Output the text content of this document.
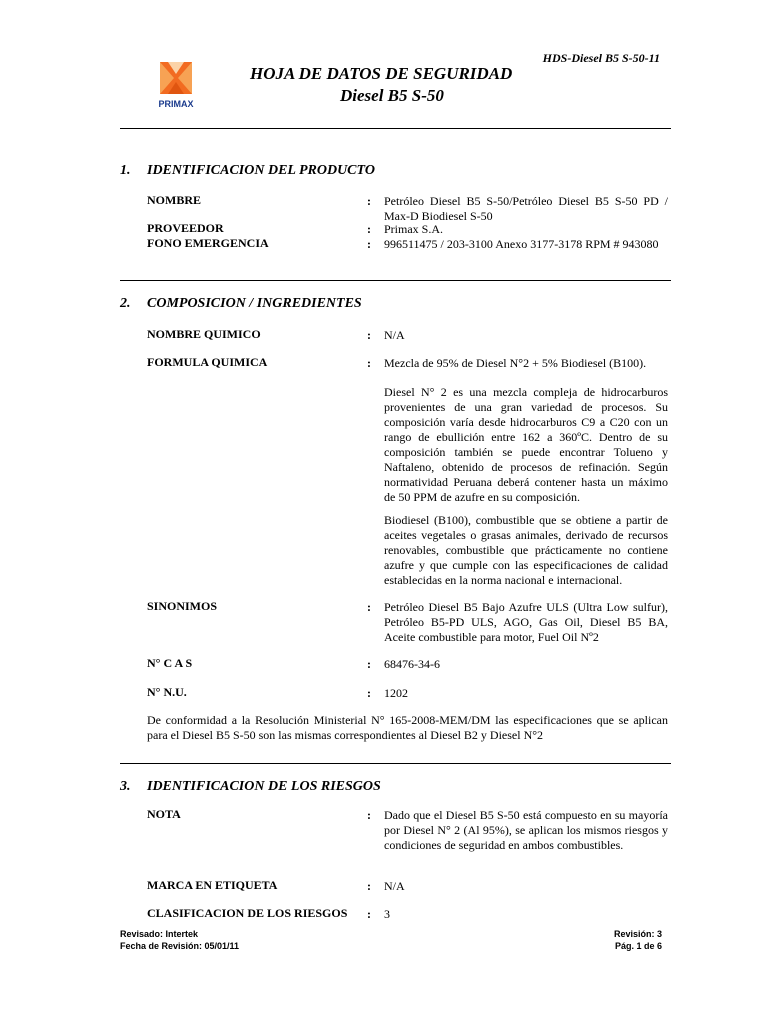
HDS-Diesel B5 S-50-11
PRIMAX
HOJA DE DATOS DE SEGURIDAD
Diesel B5 S-50
1. IDENTIFICACION DEL PRODUCTO
NOMBRE	: Petróleo Diesel B5 S-50/Petróleo Diesel B5 S-50 PD / Max-D Biodiesel S-50
PROVEEDOR	: Primax S.A.
FONO EMERGENCIA	: 996511475 / 203-3100 Anexo 3177-3178 RPM # 943080
2. COMPOSICION / INGREDIENTES
NOMBRE QUIMICO	: N/A
FORMULA QUIMICA	: Mezcla de 95% de Diesel N°2 + 5% Biodiesel (B100).
Diesel N° 2 es una mezcla compleja de hidrocarburos provenientes de una gran variedad de procesos. Su composición varía desde hidrocarburos C9 a C20 con un rango de ebullición entre 162 a 360ºC. Dentro de su composición también se puede encontrar Tolueno y Naftaleno, obtenido de procesos de refinación. Según normatividad Peruana deberá contener hasta un máximo de 50 PPM de azufre en su composición.
Biodiesel (B100), combustible que se obtiene a partir de aceites vegetales o grasas animales, derivado de recursos renovables, combustible que prácticamente no contiene azufre y que cumple con las especificaciones de calidad establecidas en la norma nacional e internacional.
SINONIMOS	: Petróleo Diesel B5 Bajo Azufre ULS (Ultra Low sulfur), Petróleo B5-PD ULS, AGO, Gas Oil, Diesel B5 BA, Aceite combustible para motor, Fuel Oil Nº2
N° C A S	: 68476-34-6
N° N.U.	: 1202
De conformidad a la Resolución Ministerial N° 165-2008-MEM/DM las especificaciones que se aplican para el Diesel B5 S-50 son las mismas correspondientes al Diesel B2 y Diesel N°2
3. IDENTIFICACION DE LOS RIESGOS
NOTA	: Dado que el Diesel B5 S-50 está compuesto en su mayoría por Diesel N° 2 (Al 95%), se aplican los mismos riesgos y condiciones de seguridad en ambos combustibles.
MARCA EN ETIQUETA	: N/A
CLASIFICACION DE LOS RIESGOS	: 3
Revisado: Intertek
Fecha de Revisión: 05/01/11
Revisión: 3
Pág. 1 de 6
